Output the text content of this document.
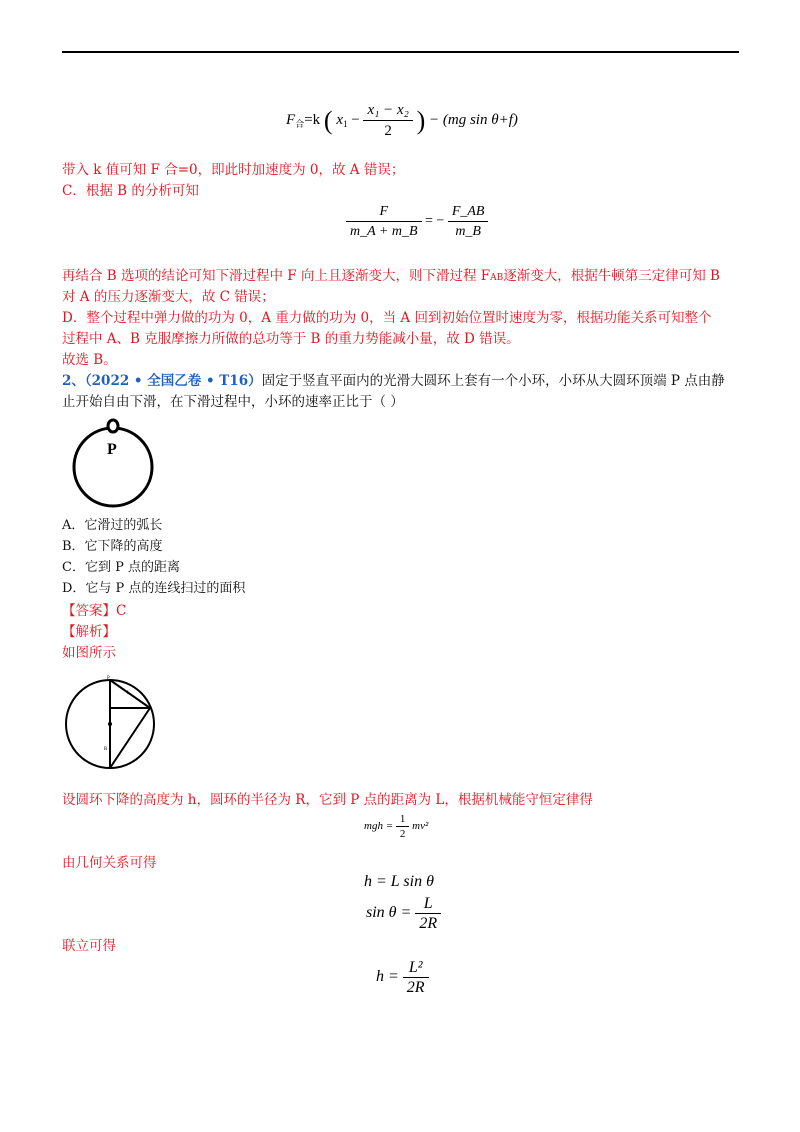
$F_合=k$ ( $x_1 - \frac{\text{x₁ − x₂}}{2}$ ) − (mg sin θ+f)
带入 k 值可知 F 合=0，即此时加速度为 0，故 A 错误；
C．根据 B 的分析可知
$\frac{F}{m\_A + m\_B}$ = − $\frac{F\_AB}{m\_B}$
再结合 B 选项的结论可知下滑过程中 F 向上且逐渐变大，则下滑过程 FAB逐渐变大，根据牛顿第三定律可知 B
对 A 的压力逐渐变大，故 C 错误；
D．整个过程中弹力做的功为 0，A 重力做的功为 0，当 A 回到初始位置时速度为零，根据功能关系可知整个
过程中 A、B 克服摩擦力所做的总功等于 B 的重力势能减小量，故 D 错误。
故选 B。
2、（2022 • 全国乙卷 • T16）固定于竖直平面内的光滑大圆环上套有一个小环，小环从大圆环顶端 P 点由静
止开始自由下滑，在下滑过程中，小环的速率正比于（ ）
P
A．它滑过的弧长
B．它下降的高度
C．它到 P 点的距离
D．它与 P 点的连线扫过的面积
【答案】C
【解析】
如图所示
P
L
R
设圆环下降的高度为 h，圆环的半径为 R，它到 P 点的距离为 L，根据机械能守恒定律得
mgh = $\frac{1}{2} mv^2$
由几何关系可得
h = L sin θ
$\sin \theta = \frac{L}{2R}$
联立可得
$h = \frac{\text{L²}}{2R}$
